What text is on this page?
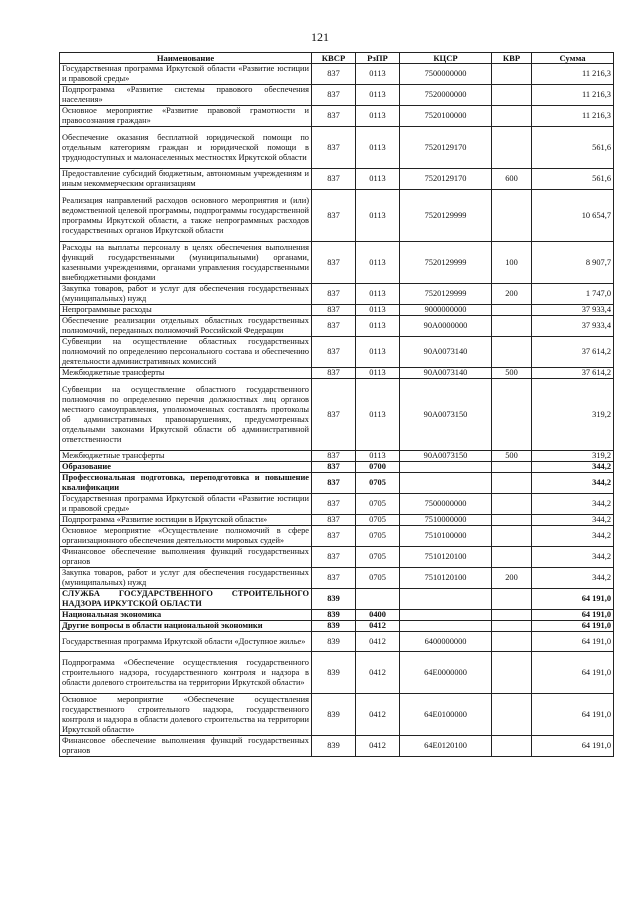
121
Наименование	КВСР	РзПР	КЦСР	КВР	Сумма
Государственная программа Иркутской области «Развитие юстиции и правовой среды»	837	0113	7500000000		11 216,3
Подпрограмма «Развитие системы правового обеспечения населения»	837	0113	7520000000		11 216,3
Основное мероприятие «Развитие правовой грамотности и правосознания граждан»	837	0113	7520100000		11 216,3
Обеспечение оказания бесплатной юридической помощи по отдельным категориям граждан и юридической помощи в труднодоступных и малонаселенных местностях Иркутской области	837	0113	7520129170		561,6
Предоставление субсидий бюджетным, автономным учреждениям и иным некоммерческим организациям	837	0113	7520129170	600	561,6
Реализация направлений расходов основного мероприятия и (или) ведомственной целевой программы, подпрограммы государственной программы Иркутской области, а также непрограммных расходов государственных органов Иркутской области	837	0113	7520129999		10 654,7
Расходы на выплаты персоналу в целях обеспечения выполнения функций государственными (муниципальными) органами, казенными учреждениями, органами управления государственными внебюджетными фондами	837	0113	7520129999	100	8 907,7
Закупка товаров, работ и услуг для обеспечения государственных (муниципальных) нужд	837	0113	7520129999	200	1 747,0
Непрограммные расходы	837	0113	9000000000		37 933,4
Обеспечение реализации отдельных областных государственных полномочий, переданных полномочий Российской Федерации	837	0113	90А0000000		37 933,4
Субвенции на осуществление областных государственных полномочий по определению персонального состава и обеспечению деятельности административных комиссий	837	0113	90А0073140		37 614,2
Межбюджетные трансферты	837	0113	90А0073140	500	37 614,2
Субвенции на осуществление областного государственного полномочия по определению перечня должностных лиц органов местного самоуправления, уполномоченных составлять протоколы об административных правонарушениях, предусмотренных отдельными законами Иркутской области об административной ответственности	837	0113	90А0073150		319,2
Межбюджетные трансферты	837	0113	90А0073150	500	319,2
Образование	837	0700			344,2
Профессиональная подготовка, переподготовка и повышение квалификации	837	0705			344,2
Государственная программа Иркутской области «Развитие юстиции и правовой среды»	837	0705	7500000000		344,2
Подпрограмма «Развитие юстиции в Иркутской области»	837	0705	7510000000		344,2
Основное мероприятие «Осуществление полномочий в сфере организационного обеспечения деятельности мировых судей»	837	0705	7510100000		344,2
Финансовое обеспечение выполнения функций государственных органов	837	0705	7510120100		344,2
Закупка товаров, работ и услуг для обеспечения государственных (муниципальных) нужд	837	0705	7510120100	200	344,2
СЛУЖБА ГОСУДАРСТВЕННОГО СТРОИТЕЛЬНОГО НАДЗОРА ИРКУТСКОЙ ОБЛАСТИ	839				64 191,0
Национальная экономика	839	0400			64 191,0
Другие вопросы в области национальной экономики	839	0412			64 191,0
Государственная программа Иркутской области «Доступное жилье»	839	0412	6400000000		64 191,0
Подпрограмма «Обеспечение осуществления государственного строительного надзора, государственного контроля и надзора в области долевого строительства на территории Иркутской области»	839	0412	64Е0000000		64 191,0
Основное мероприятие «Обеспечение осуществления государственного строительного надзора, государственного контроля и надзора в области долевого строительства на территории Иркутской области»	839	0412	64Е0100000		64 191,0
Финансовое обеспечение выполнения функций государственных органов	839	0412	64Е0120100		64 191,0
